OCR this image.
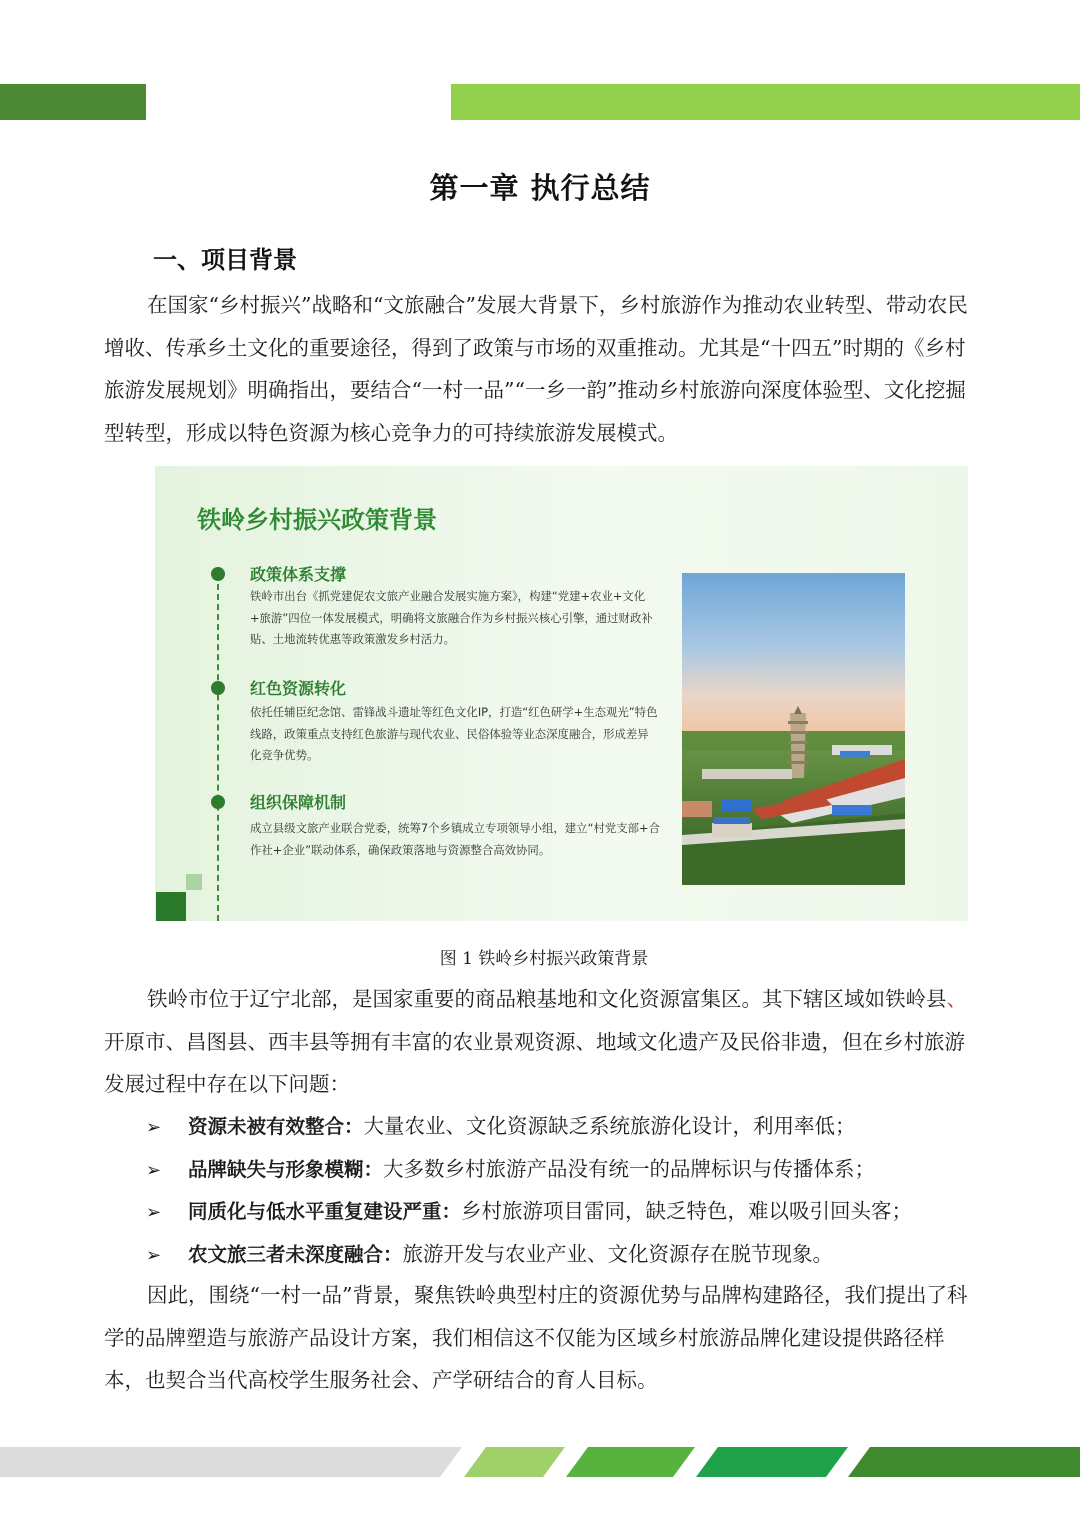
第一章 执行总结
一、项目背景

在国家“乡村振兴”战略和“文旅融合”发展大背景下，乡村旅游作为推动农业转型、带动农民增收、传承乡土文化的重要途径，得到了政策与市场的双重推动。尤其是“十四五”时期的《乡村旅游发展规划》明确指出，要结合“一村一品”“一乡一韵”推动乡村旅游向深度体验型、文化挖掘型转型，形成以特色资源为核心竞争力的可持续旅游发展模式。

铁岭乡村振兴政策背景
政策体系支撑
铁岭市出台《抓党建促农文旅产业融合发展实施方案》，构建“党建+农业+文化+旅游”四位一体发展模式，明确将文旅融合作为乡村振兴核心引擎，通过财政补贴、土地流转优惠等政策激发乡村活力。
红色资源转化
依托任辅臣纪念馆、雷锋战斗遗址等红色文化IP，打造“红色研学+生态观光”特色线路，政策重点支持红色旅游与现代农业、民俗体验等业态深度融合，形成差异化竞争优势。
组织保障机制
成立县级文旅产业联合党委，统筹7个乡镇成立专项领导小组，建立“村党支部+合作社+企业”联动体系，确保政策落地与资源整合高效协同。
图 1 铁岭乡村振兴政策背景

铁岭市位于辽宁北部，是国家重要的商品粮基地和文化资源富集区。其下辖区域如铁岭县、开原市、昌图县、西丰县等拥有丰富的农业景观资源、地域文化遗产及民俗非遗，但在乡村旅游发展过程中存在以下问题：

➢ 资源未被有效整合：大量农业、文化资源缺乏系统旅游化设计，利用率低；
➢ 品牌缺失与形象模糊：大多数乡村旅游产品没有统一的品牌标识与传播体系；
➢ 同质化与低水平重复建设严重：乡村旅游项目雷同，缺乏特色，难以吸引回头客；
➢ 农文旅三者未深度融合：旅游开发与农业产业、文化资源存在脱节现象。

因此，围绕“一村一品”背景，聚焦铁岭典型村庄的资源优势与品牌构建路径，我们提出了科学的品牌塑造与旅游产品设计方案，我们相信这不仅能为区域乡村旅游品牌化建设提供路径样本，也契合当代高校学生服务社会、产学研结合的育人目标。
